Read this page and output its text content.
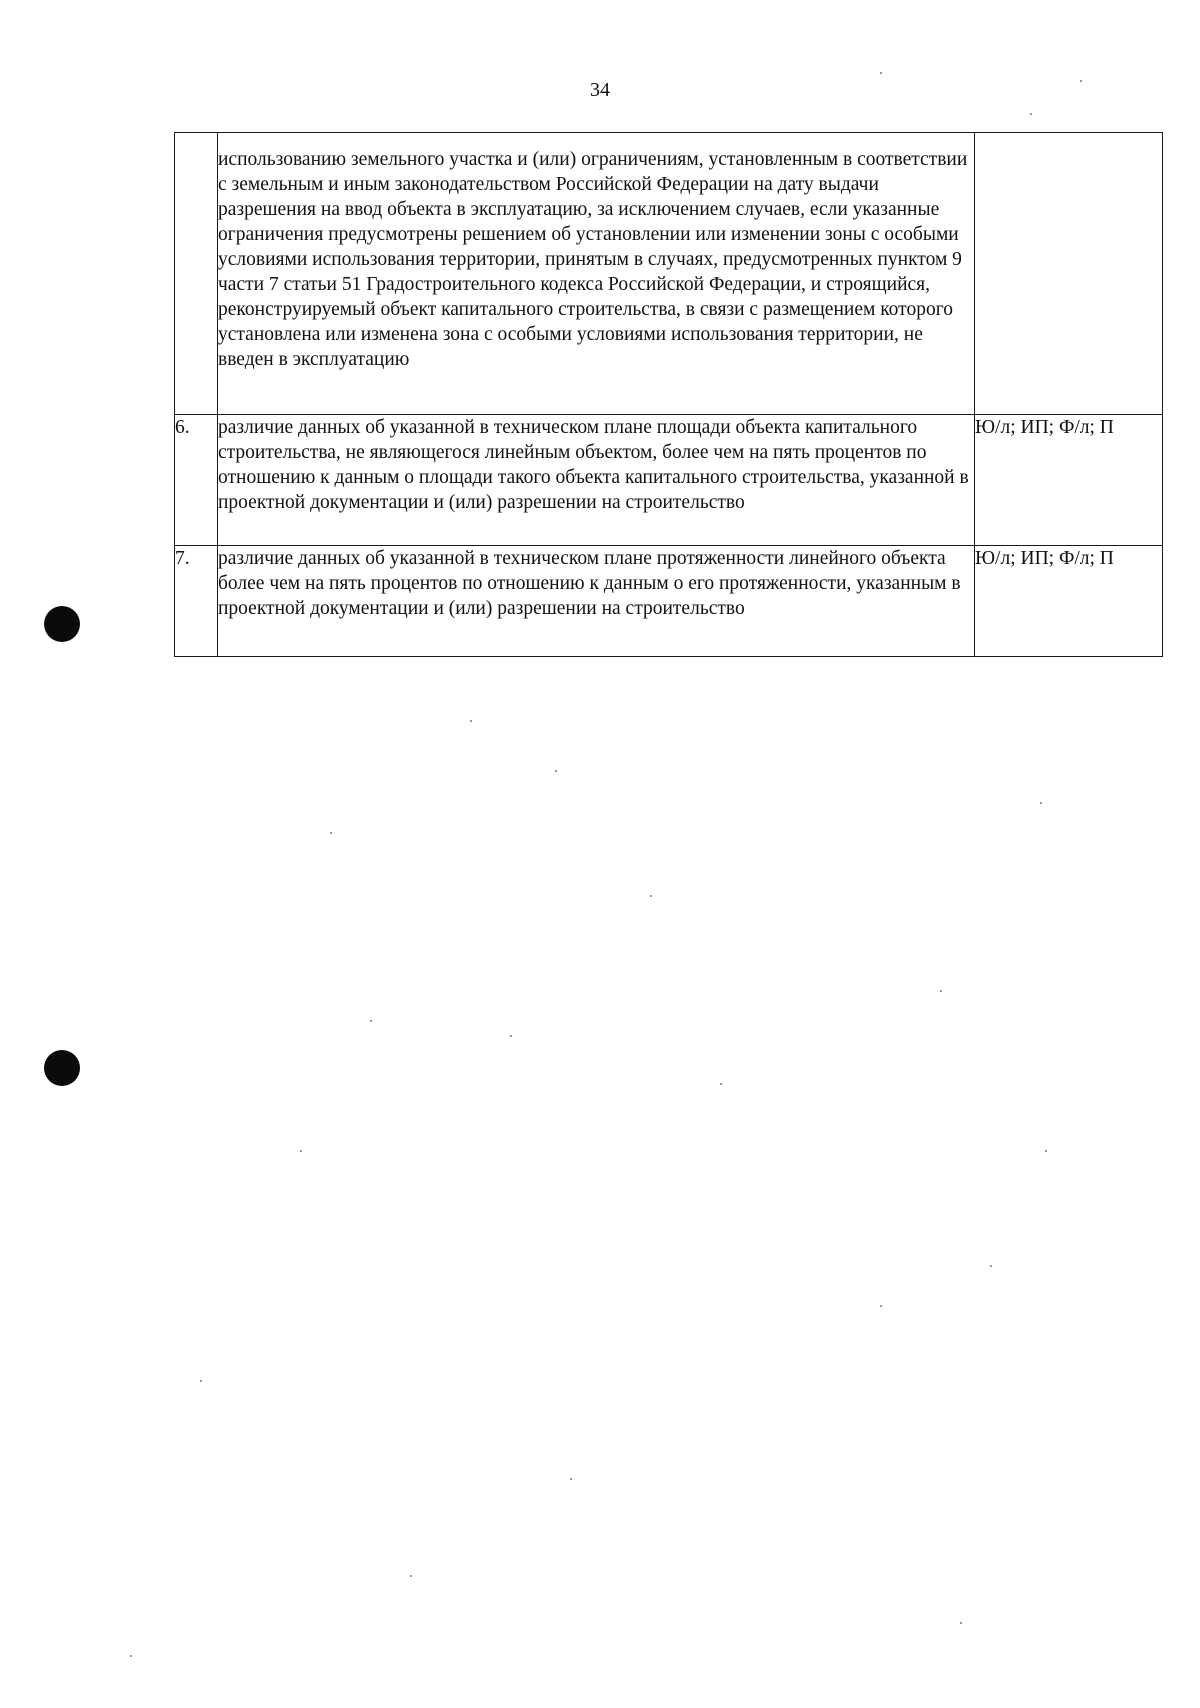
34
	использованию земельного участка и (или) ограничениям, установленным в соответствии с земельным и иным законодательством Российской Федерации на дату выдачи разрешения на ввод объекта в эксплуатацию, за исключением случаев, если указанные ограничения предусмотрены решением об установлении или изменении зоны с особыми условиями использования территории, принятым в случаях, предусмотренных пунктом 9 части 7 статьи 51 Градостроительного кодекса Российской Федерации, и строящийся, реконструируемый объект капитального строительства, в связи с размещением которого установлена или изменена зона с особыми условиями использования территории, не введен в эксплуатацию	
6.	различие данных об указанной в техническом плане площади объекта капитального строительства, не являющегося линейным объектом, более чем на пять процентов по отношению к данным о площади такого объекта капитального строительства, указанной в проектной документации и (или) разрешении на строительство	Ю/л; ИП; Ф/л; П
7.	различие данных об указанной в техническом плане протяженности линейного объекта более чем на пять процентов по отношению к данным о его протяженности, указанным в проектной документации и (или) разрешении на строительство	Ю/л; ИП; Ф/л; П
